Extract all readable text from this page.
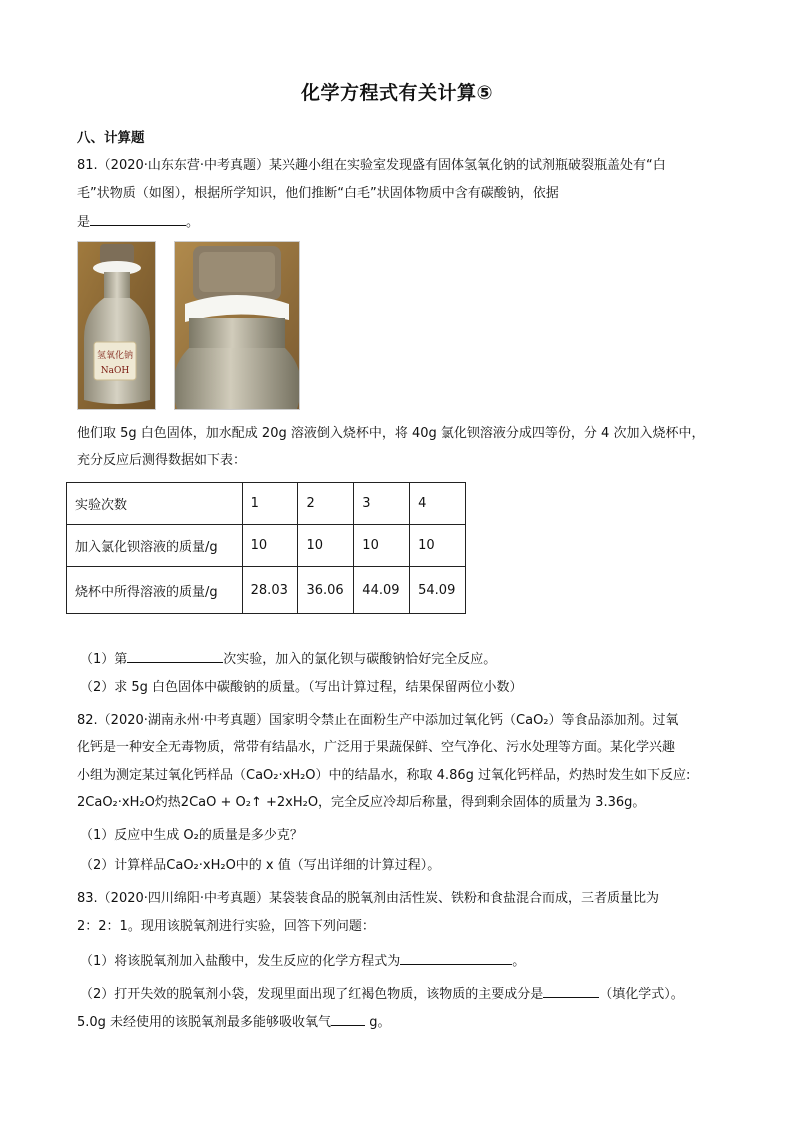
化学方程式有关计算⑤
八、计算题
81.（2020·山东东营·中考真题）某兴趣小组在实验室发现盛有固体氢氧化钠的试剂瓶破裂瓶盖处有“白
毛”状物质（如图），根据所学知识，他们推断“白毛”状固体物质中含有碳酸钠，依据
是	。
氢氧化钠
NaOH
他们取 5g 白色固体，加水配成 20g 溶液倒入烧杯中，将 40g 氯化钡溶液分成四等份，分 4 次加入烧杯中，
充分反应后测得数据如下表：
实验次数	1	2	3	4
加入氯化钡溶液的质量/g	10	10	10	10
烧杯中所得溶液的质量/g	28.03	36.06	44.09	54.09
（1）第	次实验，加入的氯化钡与碳酸钠恰好完全反应。
（2）求 5g 白色固体中碳酸钠的质量。（写出计算过程，结果保留两位小数）
82.（2020·湖南永州·中考真题）国家明令禁止在面粉生产中添加过氧化钙（CaO₂）等食品添加剂。过氧
化钙是一种安全无毒物质，常带有结晶水，广泛用于果蔬保鲜、空气净化、污水处理等方面。某化学兴趣
小组为测定某过氧化钙样品（CaO₂·xH₂O）中的结晶水，称取 4.86g 过氧化钙样品，灼热时发生如下反应:
2CaO₂·xH₂O灼热2CaO + O₂↑ +2xH₂O，完全反应冷却后称量，得到剩余固体的质量为 3.36g。
（1）反应中生成 O₂的质量是多少克？
（2）计算样品CaO₂·xH₂O中的 x 值（写出详细的计算过程）。
83.（2020·四川绵阳·中考真题）某袋装食品的脱氧剂由活性炭、铁粉和食盐混合而成，三者质量比为
2：2：1。现用该脱氧剂进行实验，回答下列问题：
（1）将该脱氧剂加入盐酸中，发生反应的化学方程式为	。
（2）打开失效的脱氧剂小袋，发现里面出现了红褐色物质，该物质的主要成分是	（填化学式）。
5.0g 未经使用的该脱氧剂最多能够吸收氧气	g。
